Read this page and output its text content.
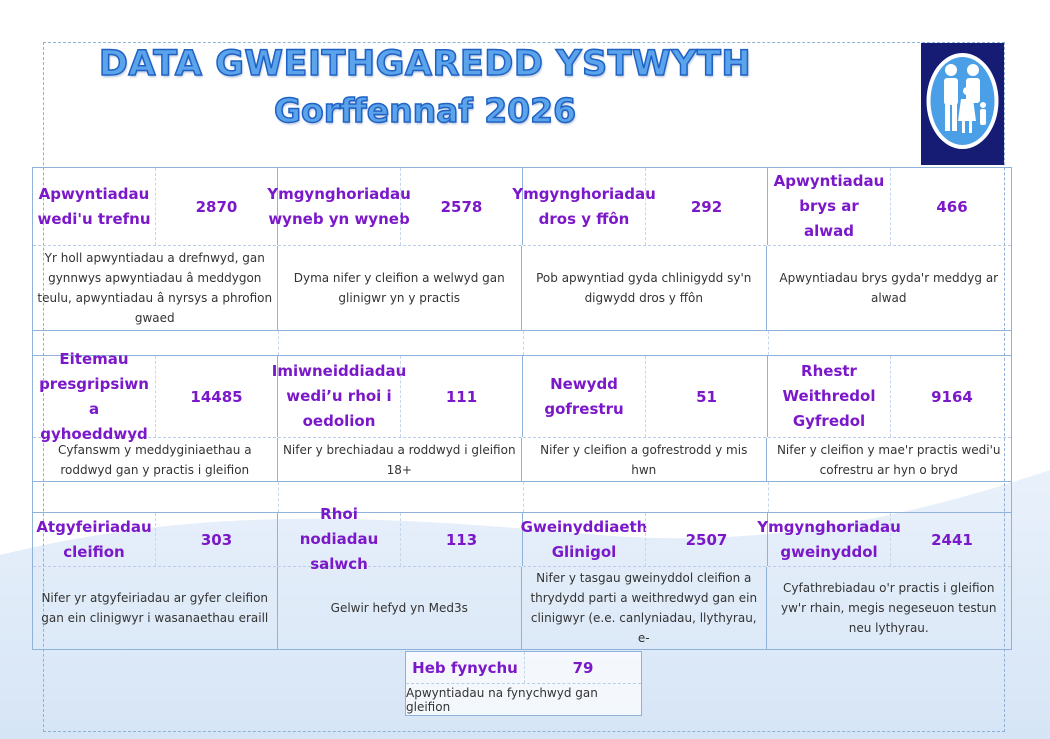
DATA GWEITHGAREDD YSTWYTH
Gorffennaf 2026
Apwyntiadau wedi'u trefnu
2870
Ymgynghoriadau wyneb yn wyneb
2578
Ymgynghoriadau dros y ffôn
292
Apwyntiadau brys ar alwad
466
Yr holl apwyntiadau a drefnwyd, gan gynnwys apwyntiadau â meddygon teulu, apwyntiadau â nyrsys a phrofion gwaed
Dyma nifer y cleifion a welwyd gan glinigwr yn y practis
Pob apwyntiad gyda chlinigydd sy'n digwydd dros y ffôn
Apwyntiadau brys gyda'r meddyg ar alwad
Eitemau presgripsiwn a gyhoeddwyd
14485
Imiwneiddiadau wedi’u rhoi i oedolion
111
Newydd gofrestru
51
Rhestr Weithredol Gyfredol
9164
Cyfanswm y meddyginiaethau a roddwyd gan y practis i gleifion
Nifer y brechiadau a roddwyd i gleifion 18+
Nifer y cleifion a gofrestrodd y mis hwn
Nifer y cleifion y mae'r practis wedi'u cofrestru ar hyn o bryd
Atgyfeiriadau cleifion
303
Rhoi nodiadau salwch
113
Gweinyddiaeth Glinigol
2507
Ymgynghoriadau gweinyddol
2441
Nifer yr atgyfeiriadau ar gyfer cleifion gan ein clinigwyr i wasanaethau eraill
Gelwir hefyd yn Med3s
Nifer y tasgau gweinyddol cleifion a thrydydd parti a weithredwyd gan ein clinigwyr (e.e. canlyniadau, llythyrau, e-
Cyfathrebiadau o'r practis i gleifion yw'r rhain, megis negeseuon testun neu lythyrau.
Heb fynychu	79
Apwyntiadau na fynychwyd gan gleifion
